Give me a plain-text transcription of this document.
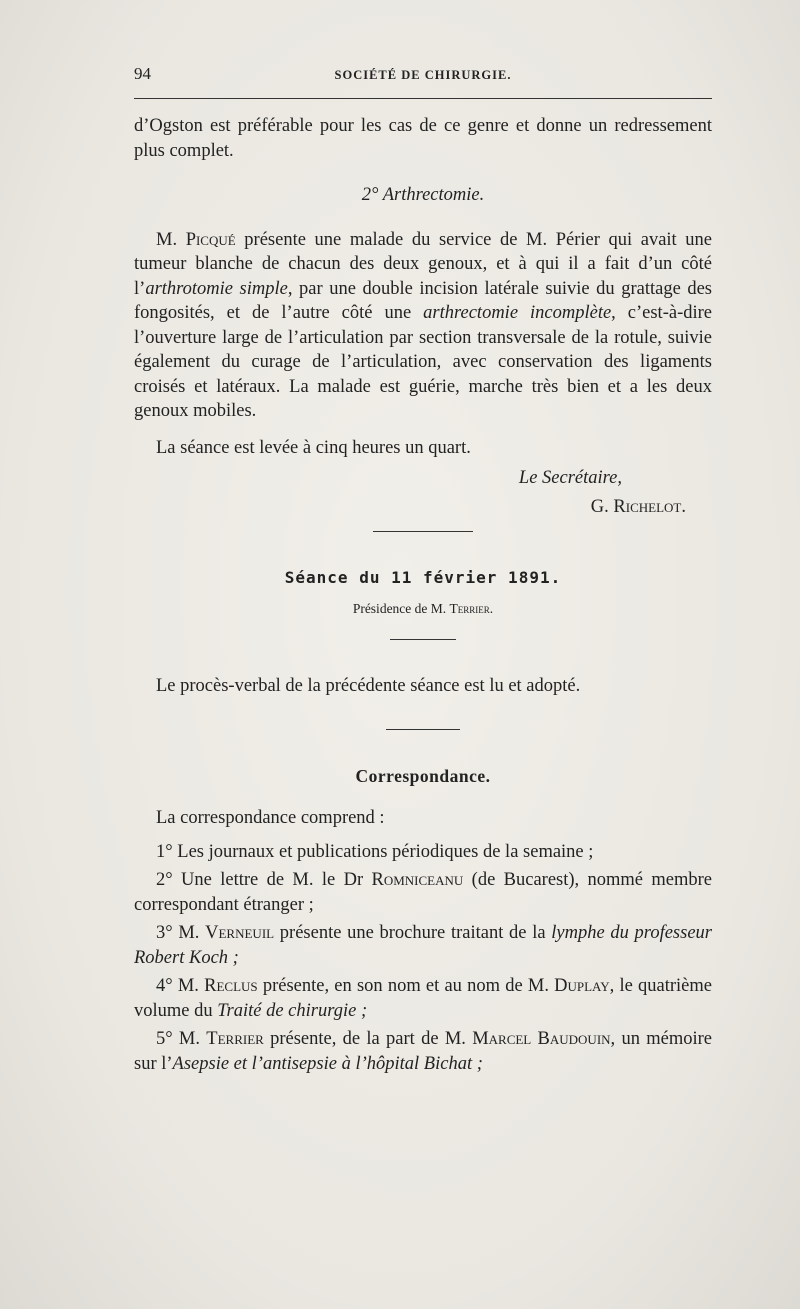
94	SOCIÉTÉ DE CHIRURGIE.

d’Ogston est préférable pour les cas de ce genre et donne un redressement plus complet.

2° Arthrectomie.

M. Picqué présente une malade du service de M. Périer qui avait une tumeur blanche de chacun des deux genoux, et à qui il a fait d’un côté l’arthrotomie simple, par une double incision latérale suivie du grattage des fongosités, et de l’autre côté une arthrectomie incomplète, c’est-à-dire l’ouverture large de l’articulation par section transversale de la rotule, suivie également du curage de l’articulation, avec conservation des ligaments croisés et latéraux. La malade est guérie, marche très bien et a les deux genoux mobiles.

La séance est levée à cinq heures un quart.

Le Secrétaire,
G. Richelot.

Séance du 11 février 1891.

Présidence de M. Terrier.

Le procès-verbal de la précédente séance est lu et adopté.

Correspondance.

La correspondance comprend :

1° Les journaux et publications périodiques de la semaine ;

2° Une lettre de M. le Dr Romniceanu (de Bucarest), nommé membre correspondant étranger ;

3° M. Verneuil présente une brochure traitant de la lymphe du professeur Robert Koch ;

4° M. Reclus présente, en son nom et au nom de M. Duplay, le quatrième volume du Traité de chirurgie ;

5° M. Terrier présente, de la part de M. Marcel Baudouin, un mémoire sur l’Asepsie et l’antisepsie à l’hôpital Bichat ;
